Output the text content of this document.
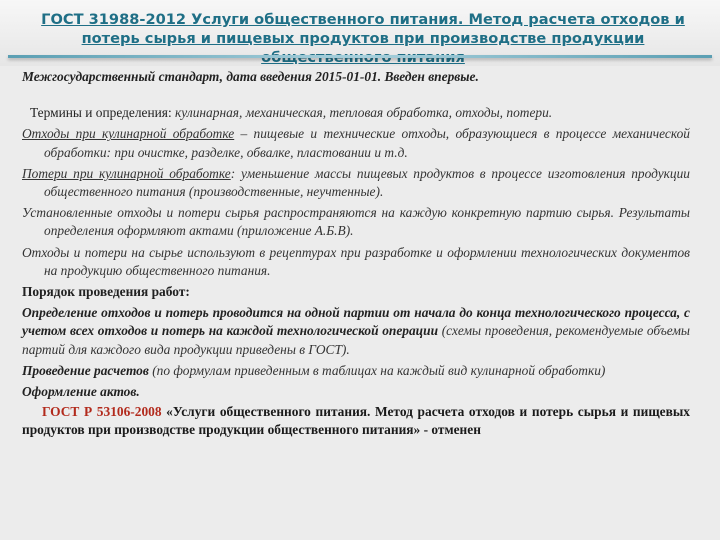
ГОСТ 31988-2012 Услуги общественного питания. Метод расчета отходов и потерь сырья и пищевых продуктов при производстве продукции

Межгосударственный стандарт, дата введения 2015-01-01. Введен впервые.

Термины и определения: кулинарная, механическая, тепловая обработка, отходы, потери.

Отходы при кулинарной обработке – пищевые и технические отходы, образующиеся в процессе механической обработки: при очистке, разделке, обвалке, пластовании и т.д.

Потери при кулинарной обработке: уменьшение массы пищевых продуктов в процессе изготовления продукции общественного питания (производственные, неучтенные).

Установленные отходы и потери сырья распространяются на каждую конкретную партию сырья. Результаты определения оформляют актами (приложение А.Б.В).

Отходы и потери на сырье используют в рецептурах при разработке и оформлении технологических документов на продукцию общественного питания.

Порядок проведения работ:

Определение отходов и потерь проводится на одной партии от начала до конца технологического процесса, с учетом всех отходов и потерь на каждой технологической операции (схемы проведения, рекомендуемые объемы партий для каждого вида продукции приведены в ГОСТ).

Проведение расчетов (по формулам приведенным в таблицах на каждый вид кулинарной обработки)

Оформление актов.

ГОСТ Р 53106-2008 «Услуги общественного питания. Метод расчета отходов и потерь сырья и пищевых продуктов при производстве продукции общественного питания» - отменен
